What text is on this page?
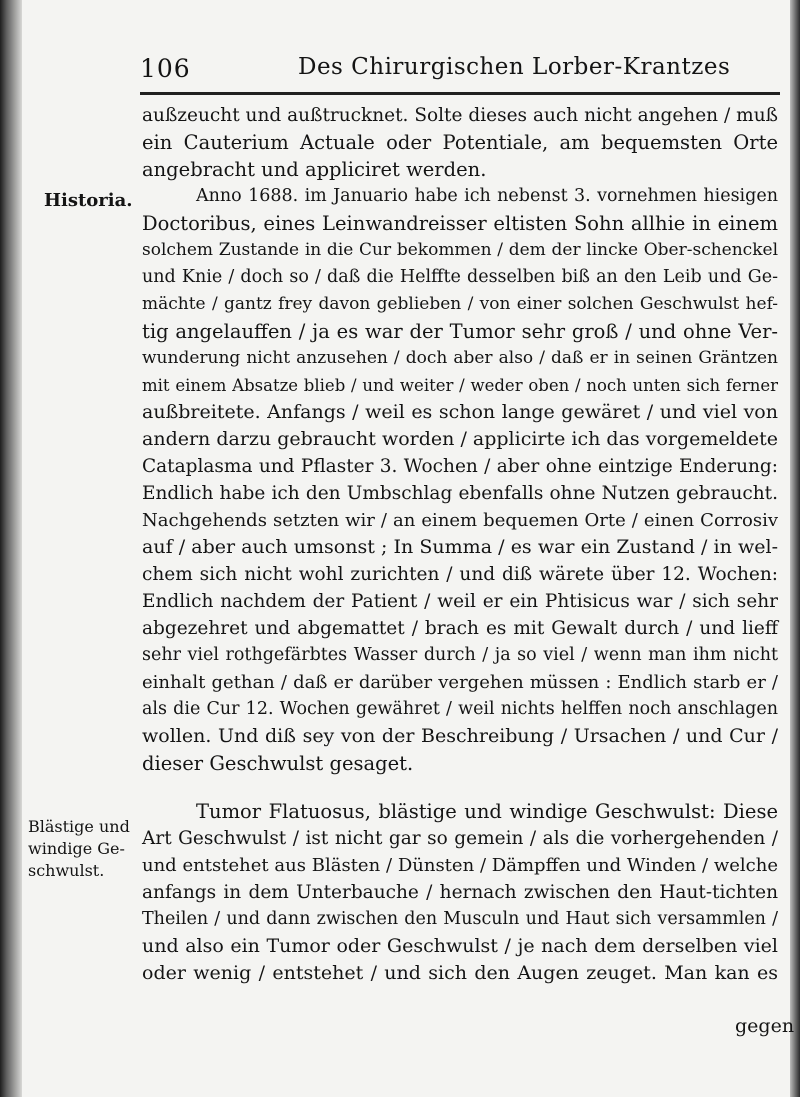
106	Des Chirurgischen Lorber-Krantzes
Historia.
Blästige und
windige Ge-
schwulst.
außzeucht und außtrucknet. Solte dieses auch nicht angehen / muß
ein Cauterium Actuale oder Potentiale, am bequemsten Orte
angebracht und appliciret werden.
Anno 1688. im Januario habe ich nebenst 3. vornehmen hiesigen
Doctoribus, eines Leinwandreisser eltisten Sohn allhie in einem
solchem Zustande in die Cur bekommen / dem der lincke Ober-schenckel
und Knie / doch so / daß die Helffte desselben biß an den Leib und Ge-
mächte / gantz frey davon geblieben / von einer solchen Geschwulst hef-
tig angelauffen / ja es war der Tumor sehr groß / und ohne Ver-
wunderung nicht anzusehen / doch aber also / daß er in seinen Gräntzen
mit einem Absatze blieb / und weiter / weder oben / noch unten sich ferner
außbreitete. Anfangs / weil es schon lange gewäret / und viel von
andern darzu gebraucht worden / applicirte ich das vorgemeldete
Cataplasma und Pflaster 3. Wochen / aber ohne eintzige Enderung:
Endlich habe ich den Umbschlag ebenfalls ohne Nutzen gebraucht.
Nachgehends setzten wir / an einem bequemen Orte / einen Corrosiv
auf / aber auch umsonst ; In Summa / es war ein Zustand / in wel-
chem sich nicht wohl zurichten / und diß wärete über 12. Wochen:
Endlich nachdem der Patient / weil er ein Phtisicus war / sich sehr
abgezehret und abgemattet / brach es mit Gewalt durch / und lieff
sehr viel rothgefärbtes Wasser durch / ja so viel / wenn man ihm nicht
einhalt gethan / daß er darüber vergehen müssen : Endlich starb er /
als die Cur 12. Wochen gewähret / weil nichts helffen noch anschlagen
wollen. Und diß sey von der Beschreibung / Ursachen / und Cur /
dieser Geschwulst gesaget.
Tumor Flatuosus, blästige und windige Geschwulst: Diese
Art Geschwulst / ist nicht gar so gemein / als die vorhergehenden /
und entstehet aus Blästen / Dünsten / Dämpffen und Winden / welche
anfangs in dem Unterbauche / hernach zwischen den Haut-tichten
Theilen / und dann zwischen den Musculn und Haut sich versammlen /
und also ein Tumor oder Geschwulst / je nach dem derselben viel
oder wenig / entstehet / und sich den Augen zeuget. Man kan es
gegen
